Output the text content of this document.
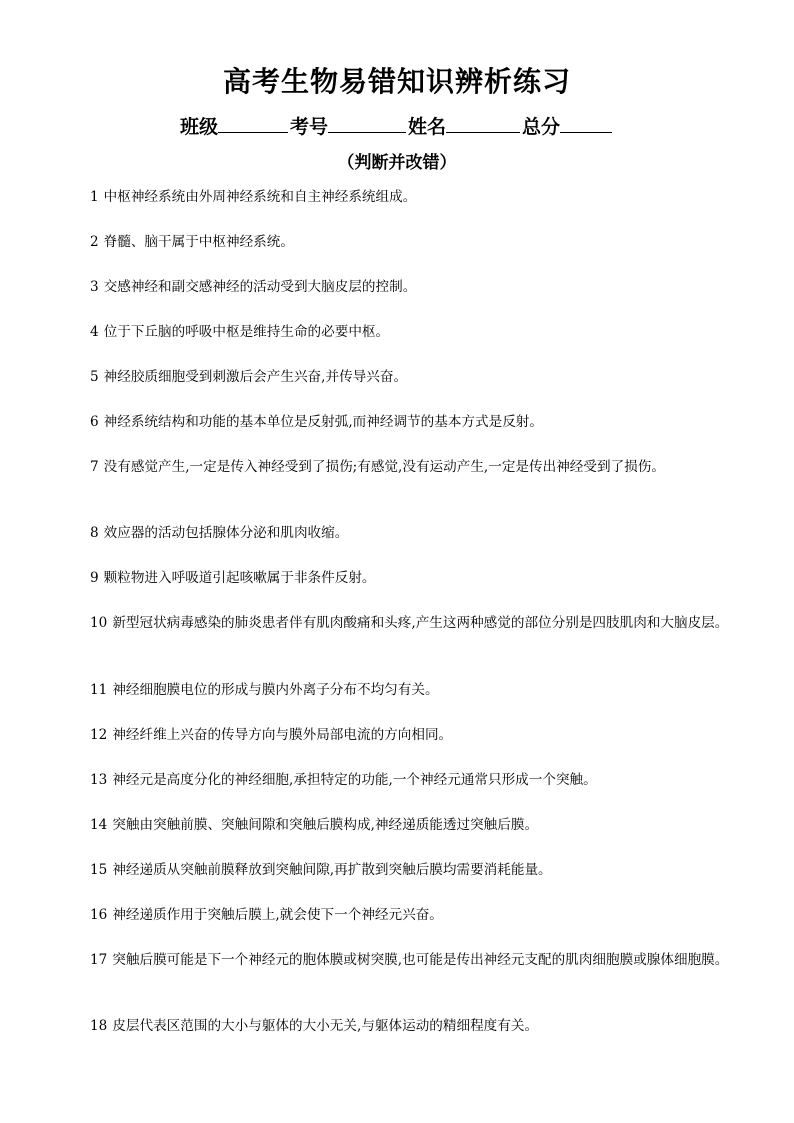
高考生物易错知识辨析练习
班级	考号	姓名	总分
（判断并改错）
1 中枢神经系统由外周神经系统和自主神经系统组成。
2 脊髓、脑干属于中枢神经系统。
3 交感神经和副交感神经的活动受到大脑皮层的控制。
4 位于下丘脑的呼吸中枢是维持生命的必要中枢。
5 神经胶质细胞受到刺激后会产生兴奋,并传导兴奋。
6 神经系统结构和功能的基本单位是反射弧,而神经调节的基本方式是反射。
7 没有感觉产生,一定是传入神经受到了损伤;有感觉,没有运动产生,一定是传出神经受到了损伤。
8 效应器的活动包括腺体分泌和肌肉收缩。
9 颗粒物进入呼吸道引起咳嗽属于非条件反射。
10 新型冠状病毒感染的肺炎患者伴有肌肉酸痛和头疼,产生这两种感觉的部位分别是四肢肌肉和大脑皮层。
11 神经细胞膜电位的形成与膜内外离子分布不均匀有关。
12 神经纤维上兴奋的传导方向与膜外局部电流的方向相同。
13 神经元是高度分化的神经细胞,承担特定的功能,一个神经元通常只形成一个突触。
14 突触由突触前膜、突触间隙和突触后膜构成,神经递质能透过突触后膜。
15 神经递质从突触前膜释放到突触间隙,再扩散到突触后膜均需要消耗能量。
16 神经递质作用于突触后膜上,就会使下一个神经元兴奋。
17 突触后膜可能是下一个神经元的胞体膜或树突膜,也可能是传出神经元支配的肌肉细胞膜或腺体细胞膜。
18 皮层代表区范围的大小与躯体的大小无关,与躯体运动的精细程度有关。
